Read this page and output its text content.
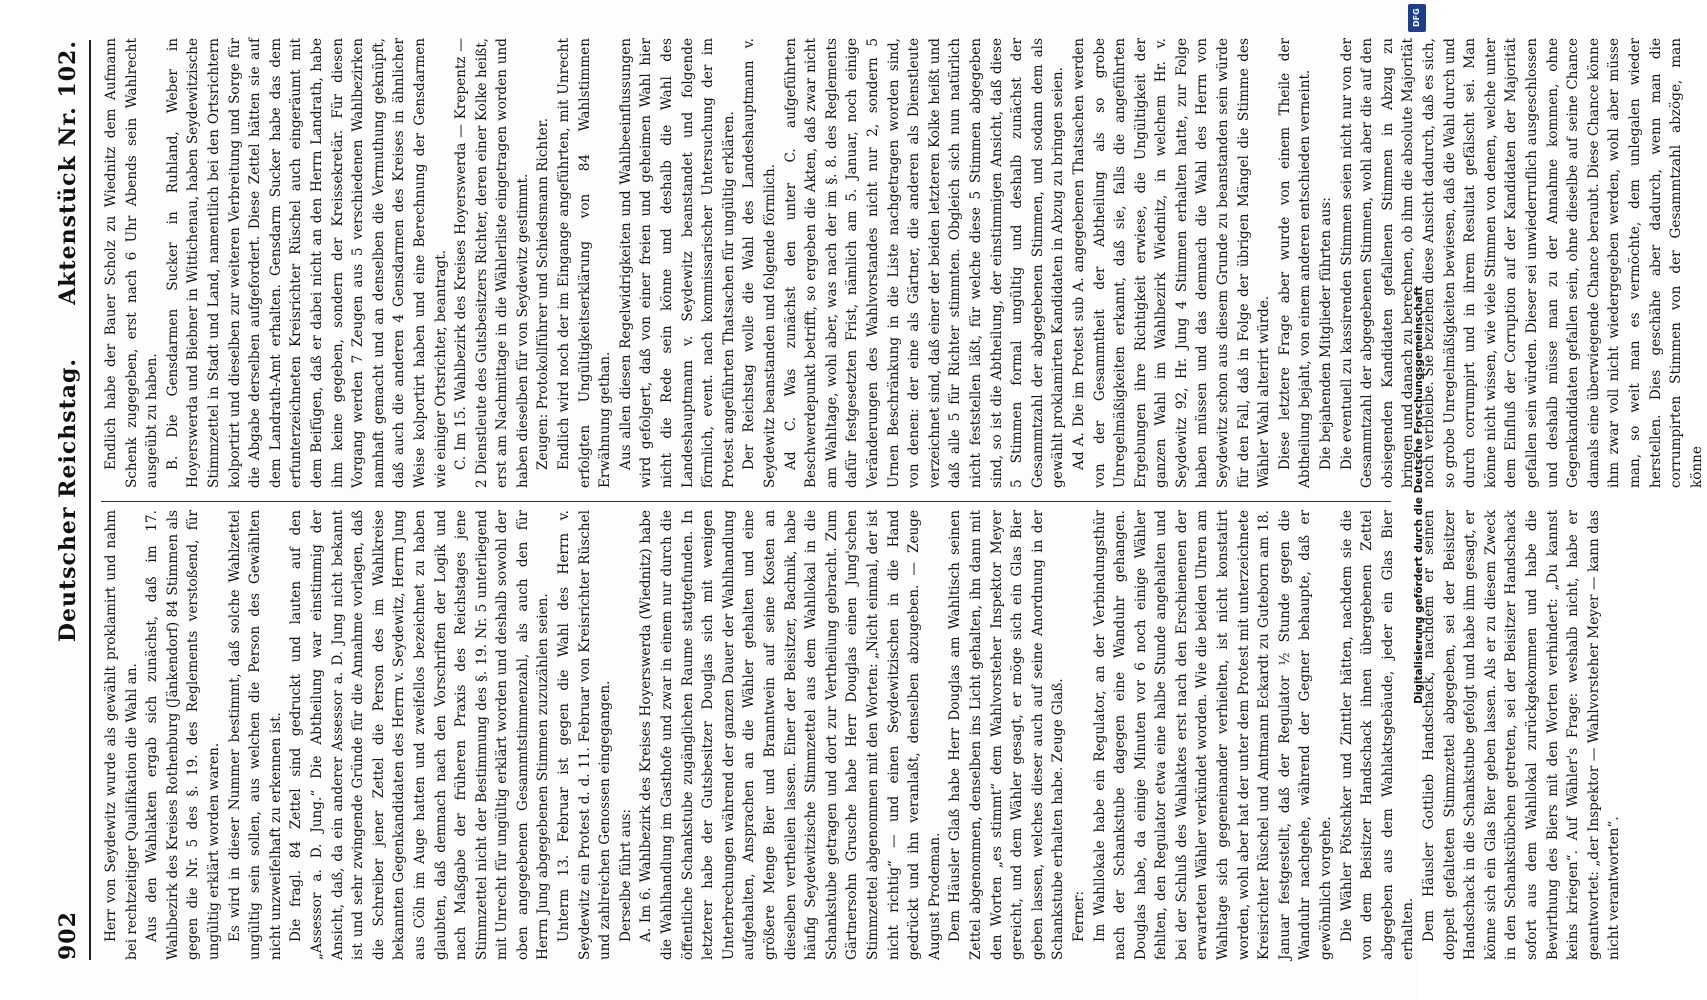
902
Deutscher Reichstag.
Aktenstück Nr. 102.

Herr von Seydewitz wurde als gewählt proklamirt und nahm bei rechtzeitiger Qualifikation die Wahl an. Aus den Wahlakten ergab sich zunächst, daß im 17. Wahlbezirk des Kreises Rothenburg (Jänkendorf) 84 Stimmen als gegen die Nr. 5 des §. 19. des Reglements verstoßend, für ungültig erklärt worden waren. Es wird in dieser Nummer bestimmt, daß solche Wahlzettel ungültig sein sollen, aus welchen die Person des Gewählten nicht unzweifelhaft zu erkennen ist. Die fragl. 84 Zettel sind gedruckt und lauten auf den „Assessor a. D. Jung.“ Die Abtheilung war einstimmig der Ansicht, daß, da ein anderer Assessor a. D. Jung nicht bekannt ist und sehr zwingende Gründe für die Annahme vorlagen, daß die Schreiber jener Zettel die Person des im Wahlkreise bekannten Gegenkandidaten des Herrn v. Seydewitz, Herrn Jung aus Cöln im Auge hatten und zweifellos bezeichnet zu haben glaubten, daß demnach nach den Vorschriften der Logik und nach Maßgabe der früheren Praxis des Reichstages jene Stimmzettel nicht der Bestimmung des §. 19. Nr. 5 unterliegend mit Unrecht für ungültig erklärt worden und deshalb sowohl der oben angegebenen Gesammtstimmenzahl, als auch den für Herrn Jung abgegebenen Stimmen zuzuzählen seien. Unterm 13. Februar ist gegen die Wahl des Herrn v. Seydewitz ein Protest d. d. 11. Februar von Kreisrichter Rüschel und zahlreichen Genossen eingegangen. Derselbe führt aus: A. Im 6. Wahlbezirk des Kreises Hoyerswerda (Wiednitz) habe die Wahlhandlung im Gasthofe und zwar in einem nur durch die öffentliche Schankstube zugänglichen Raume stattgefunden. In letzterer habe der Gutsbesitzer Douglas sich mit wenigen Unterbrechungen während der ganzen Dauer der Wahlhandlung aufgehalten, Ansprachen an die Wähler gehalten und eine größere Menge Bier und Branntwein auf seine Kosten an dieselben vertheilen lassen. Einer der Beisitzer, Bachnik, habe häufig Seydewitzische Stimmzettel aus dem Wahllokal in die Schankstube getragen und dort zur Vertheilung gebracht. Zum Gärtnersohn Grusche habe Herr Douglas einen Jung'schen Stimmzettel abgenommen mit den Worten: „Nicht einmal, der ist nicht richtig“ — und einen Seydewitzischen in die Hand gedrückt und ihn veranlaßt, denselben abzugeben. — Zeuge August Prodeman. Dem Häusler Glaß habe Herr Douglas am Wahltisch seinen Zettel abgenommen, denselben ins Licht gehalten, ihn dann mit den Worten „es stimmt“ dem Wahlvorsteher Inspektor Meyer gereicht, und dem Wähler gesagt, er möge sich ein Glas Bier geben lassen, welches dieser auch auf seine Anordnung in der Schankstube erhalten habe. Zeuge Glaß. Ferner: Im Wahllokale habe ein Regulator, an der Verbindungsthür nach der Schankstube dagegen eine Wanduhr gehangen. Douglas habe, da einige Minuten vor 6 noch einige Wähler fehlten, den Regulator etwa eine halbe Stunde angehalten und bei der Schluß des Wahlaktes erst nach den Erschienenen der erwarteten Wähler verkündet worden. Wie die beiden Uhren am Wahltage sich gegeneinander verhielten, ist nicht konstatirt worden, wohl aber hat der unter dem Protest mit unterzeichnete Kreisrichter Rüschel und Amtmann Eckardt zu Guteborn am 18. Januar festgestellt, daß der Regulator ½ Stunde gegen die Wanduhr nachgehe, während der Gegner behaupte, daß er gewöhnlich vorgehe. Die Wähler Pötschker und Zinttler hätten, nachdem sie die von dem Beisitzer Handschack ihnen übergebenen Zettel abgegeben aus dem Wahlaktsgebäude, jeder ein Glas Bier erhalten. Dem Häusler Gottlieb Handschack, nachdem er seinen doppelt gefalteten Stimmzettel abgegeben, sei der Beisitzer Handschack in die Schankstube gefolgt und habe ihm gesagt, er könne sich ein Glas Bier geben lassen. Als er zu diesem Zweck in den Schankstübchen getreten, sei der Beisitzer Handschack sofort aus dem Wahllokal zurückgekommen und habe die Bewirthung des Biers mit den Worten verhindert: „Du kannst keins kriegen“. Auf Wähler's Frage: weshalb nicht, habe er geantwortet: „der Inspektor — Wahlvorsteher Meyer — kann das nicht verantworten“.

Endlich habe der Bauer Scholz zu Wiednitz dem Aufmann Schenk zugegeben, erst nach 6 Uhr Abends sein Wahlrecht ausgeübt zu haben. B. Die Gensdarmen Sucker in Ruhland, Weber in Hoyerswerda und Biebner in Wittichenau, haben Seydewitzische Stimmzettel in Stadt und Land, namentlich bei den Ortsrichtern kolportirt und dieselben zur weiteren Verbreitung und Sorge für die Abgabe derselben aufgefordert. Diese Zettel hätten sie auf dem Landrath-Amt erhalten. Gensdarm Sucker habe das dem erfunterzeichneten Kreisrichter Rüschel auch eingeräumt mit dem Beifügen, daß er dabei nicht an den Herrn Landrath, habe ihm keine gegeben, sondern der Kreissekretär. Für diesen Vorgang werden 7 Zeugen aus 5 verschiedenen Wahlbezirken namhaft gemacht und an denselben die Vermuthung geknüpft, daß auch die anderen 4 Gensdarmen des Kreises in ähnlicher Weise kolportirt haben und eine Berechnung der Gensdarmen wie einiger Ortsrichter, beantragt. C. Im 15. Wahlbezirk des Kreises Hoyerswerda — Krepentz — 2 Dienstleute des Gutsbesitzers Richter, deren einer Kolke heißt, erst am Nachmittage in die Wählerliste eingetragen worden und haben dieselben für von Seydewitz gestimmt. Zeugen: Protokollführer und Schiedsmann Richter. Endlich wird noch der im Eingange angeführten, mit Unrecht erfolgten Ungültigkeitserklärung von 84 Wahlstimmen Erwähnung gethan. Aus allen diesen Regelwidrigkeiten und Wahlbeeinflussungen wird gefolgert, daß von einer freien und geheimen Wahl hier nicht die Rede sein könne und deshalb die Wahl des Landeshauptmann v. Seydewitz beanstandet und folgende förmlich, event. nach kommissarischer Untersuchung der im Protest angeführten Thatsachen für ungültig erklären. Der Reichstag wolle die Wahl des Landeshauptmann v. Seydewitz beanstanden und folgende förmlich. Ad C. Was zunächst den unter C. aufgeführten Beschwerdepunkt betrifft, so ergeben die Akten, daß zwar nicht am Wahltage, wohl aber, was nach der im §. 8. des Reglements dafür festgesetzten Frist, nämlich am 5. Januar, noch einige Veränderungen des Wahlvorstandes nicht nur 2, sondern 5 Urnen Beschränkung in die Liste nachgetragen worden sind, von denen: der eine als Gärtner, die anderen als Dienstleute verzeichnet sind, daß einer der beiden letzteren Kolke heißt und daß alle 5 für Richter stimmten. Obgleich sich nun natürlich nicht feststellen läßt, für welche diese 5 Stimmen abgegeben sind, so ist die Abtheilung, der einstimmigen Ansicht, daß diese 5 Stimmen formal ungültig und deshalb zunächst der Gesammtzahl der abgegebenen Stimmen, und sodann dem als gewählt proklamirten Kandidaten in Abzug zu bringen seien. Ad A. Die im Protest sub A. angegebenen Thatsachen werden von der Gesammtheit der Abtheilung als so grobe Unregelmäßigkeiten erkannt, daß sie, falls die angeführten Ergebungen ihre Richtigkeit erwiese, die Ungültigkeit der ganzen Wahl im Wahlbezirk Wiednitz, in welchem Hr. v. Seydewitz 92, Hr. Jung 4 Stimmen erhalten hatte, zur Folge haben müssen und das demnach die Wahl des Herrn von Seydewitz schon aus diesem Grunde zu beanstanden sein würde für den Fall, daß in Folge der übrigen Mängel die Stimme des Wähler Wahl alterirt würde. Diese letztere Frage aber wurde von einem Theile der Abtheilung bejaht, von einem anderen entschieden verneint. Die bejahenden Mitglieder führten aus: Die eventuell zu kassirenden Stimmen seien nicht nur von der Gesammtzahl der abgegebenen Stimmen, wohl aber die auf den obsiegenden Kandidaten gefallenen Stimmen in Abzug zu bringen und danach zu berechnen, ob ihm die absolute Majorität noch verbleibe. Sie beziehen diese Ansicht dadurch, daß es sich, so grobe Unregelmäßigkeiten bewiesen, daß die Wahl durch und durch corrumpirt und in ihrem Resultat gefälscht sei. Man könne nicht wissen, wie viele Stimmen von denen, welche unter dem Einfluß der Corruption auf der Kandidaten der Majorität gefallen sein würden. Dieser sei unwiederruflich ausgeschlossen und deshalb müsse man zu der Annahme kommen, ohne Gegenkandidaten gefallen sein, ohne dieselbe auf seine Chance damals eine überwiegende Chance beraubt. Diese Chance könne ihm zwar voll nicht wiedergegeben werden, wohl aber müsse man, so weit man es vermöchte, dem unlegalen wieder herstellen. Dies geschähe aber dadurch, wenn man die corrumpirten Stimmen von der Gesammtzahl abzöge, man könne

DFG
Digitalisierung gefördert durch die Deutsche Forschungsgemeinschaft
